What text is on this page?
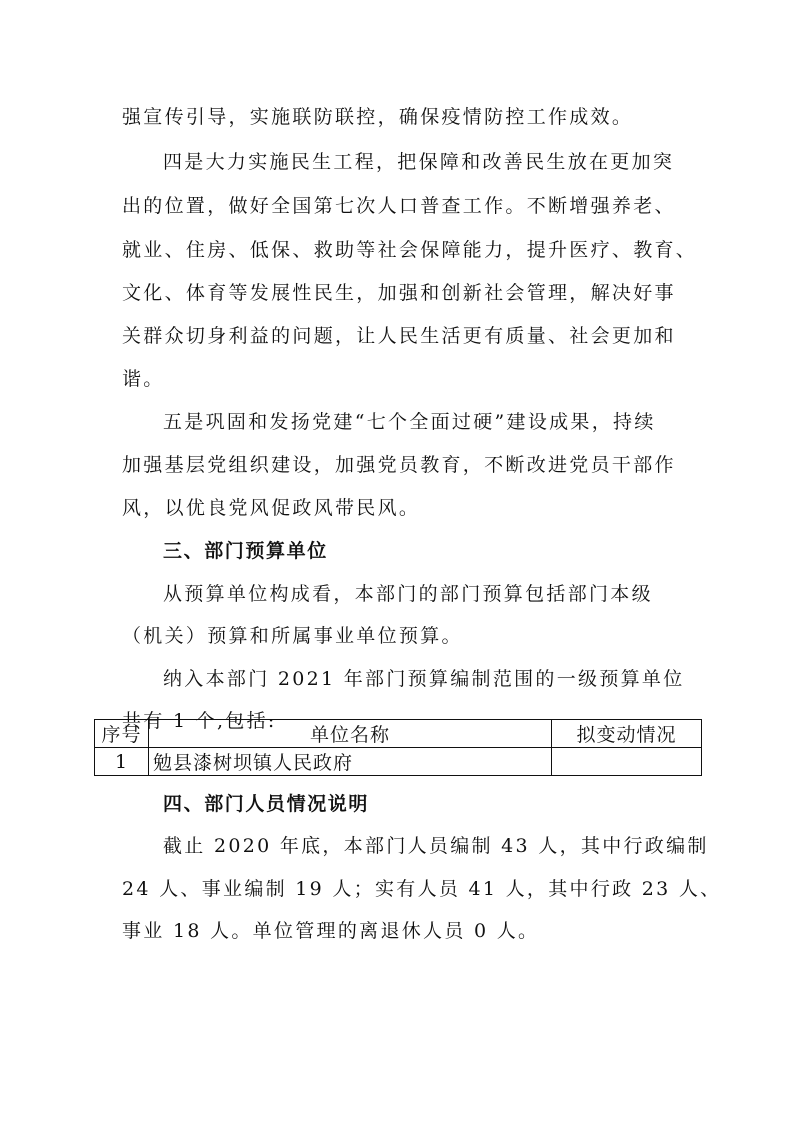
强宣传引导，实施联防联控，确保疫情防控工作成效。
四是大力实施民生工程，把保障和改善民生放在更加突
出的位置，做好全国第七次人口普查工作。不断增强养老、
就业、住房、低保、救助等社会保障能力，提升医疗、教育、
文化、体育等发展性民生，加强和创新社会管理，解决好事
关群众切身利益的问题，让人民生活更有质量、社会更加和
谐。
五是巩固和发扬党建“七个全面过硬”建设成果，持续
加强基层党组织建设，加强党员教育，不断改进党员干部作
风，以优良党风促政风带民风。
三、部门预算单位
从预算单位构成看，本部门的部门预算包括部门本级
（机关）预算和所属事业单位预算。
纳入本部门 2021 年部门预算编制范围的一级预算单位
共有 1 个,包括:
序号	单位名称	拟变动情况
1	勉县漆树坝镇人民政府	
四、部门人员情况说明
截止 2020 年底，本部门人员编制 43 人，其中行政编制
24 人、事业编制 19 人；实有人员 41 人，其中行政 23 人、
事业 18 人。单位管理的离退休人员 0 人。
